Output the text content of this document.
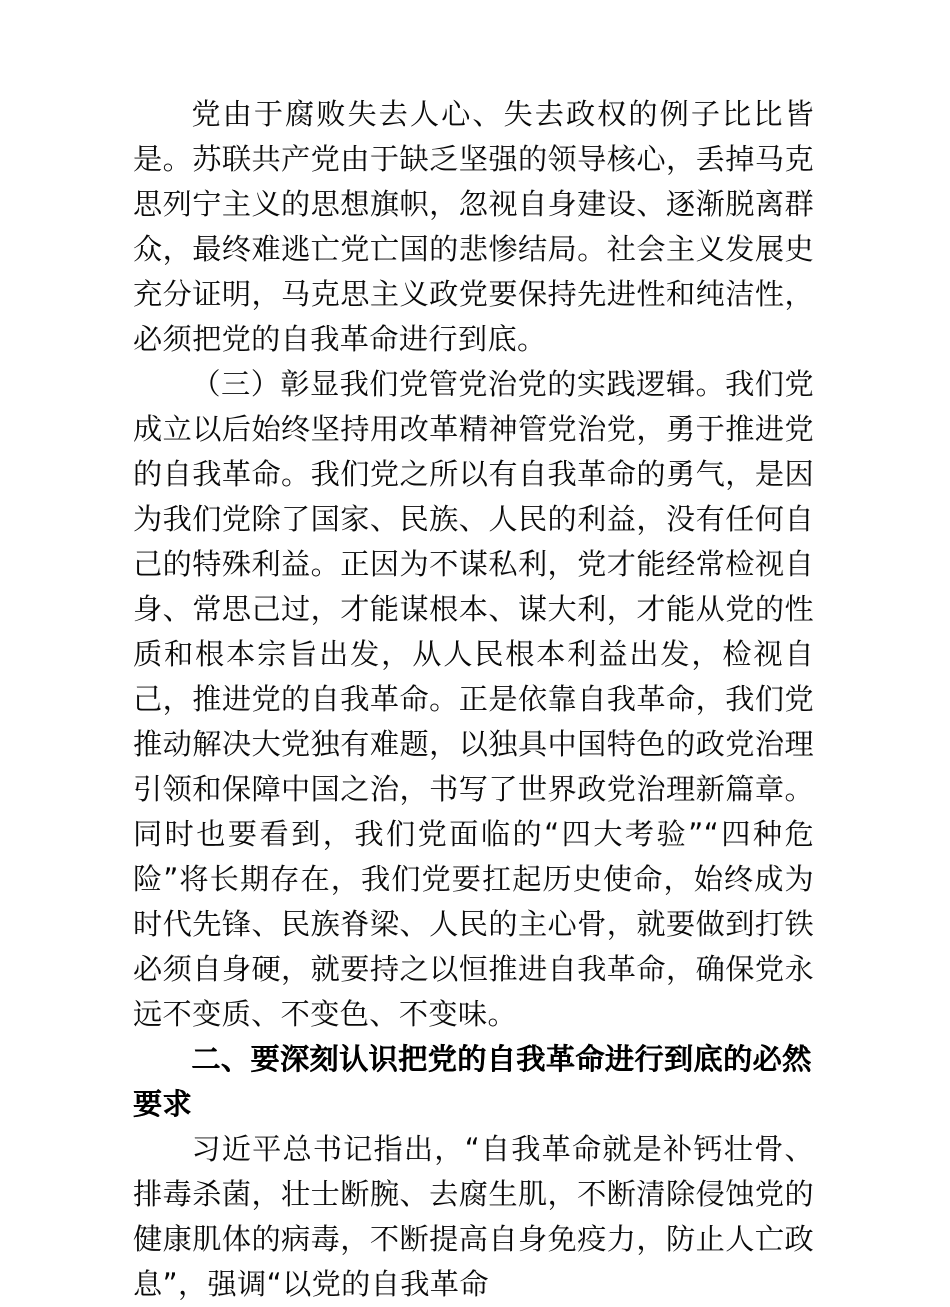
党由于腐败失去人心、失去政权的例子比比皆是。苏联共产党由于缺乏坚强的领导核心，丢掉马克思列宁主义的思想旗帜，忽视自身建设、逐渐脱离群众，最终难逃亡党亡国的悲惨结局。社会主义发展史充分证明，马克思主义政党要保持先进性和纯洁性，必须把党的自我革命进行到底。

（三）彰显我们党管党治党的实践逻辑。我们党成立以后始终坚持用改革精神管党治党，勇于推进党的自我革命。我们党之所以有自我革命的勇气，是因为我们党除了国家、民族、人民的利益，没有任何自己的特殊利益。正因为不谋私利，党才能经常检视自身、常思己过，才能谋根本、谋大利，才能从党的性质和根本宗旨出发，从人民根本利益出发，检视自己，推进党的自我革命。正是依靠自我革命，我们党推动解决大党独有难题，以独具中国特色的政党治理引领和保障中国之治，书写了世界政党治理新篇章。同时也要看到，我们党面临的“四大考验”“四种危险”将长期存在，我们党要扛起历史使命，始终成为时代先锋、民族脊梁、人民的主心骨，就要做到打铁必须自身硬，就要持之以恒推进自我革命，确保党永远不变质、不变色、不变味。

二、要深刻认识把党的自我革命进行到底的必然要求

习近平总书记指出，“自我革命就是补钙壮骨、排毒杀菌，壮士断腕、去腐生肌，不断清除侵蚀党的健康肌体的病毒，不断提高自身免疫力，防止人亡政息”，强调“以党的自我革命
